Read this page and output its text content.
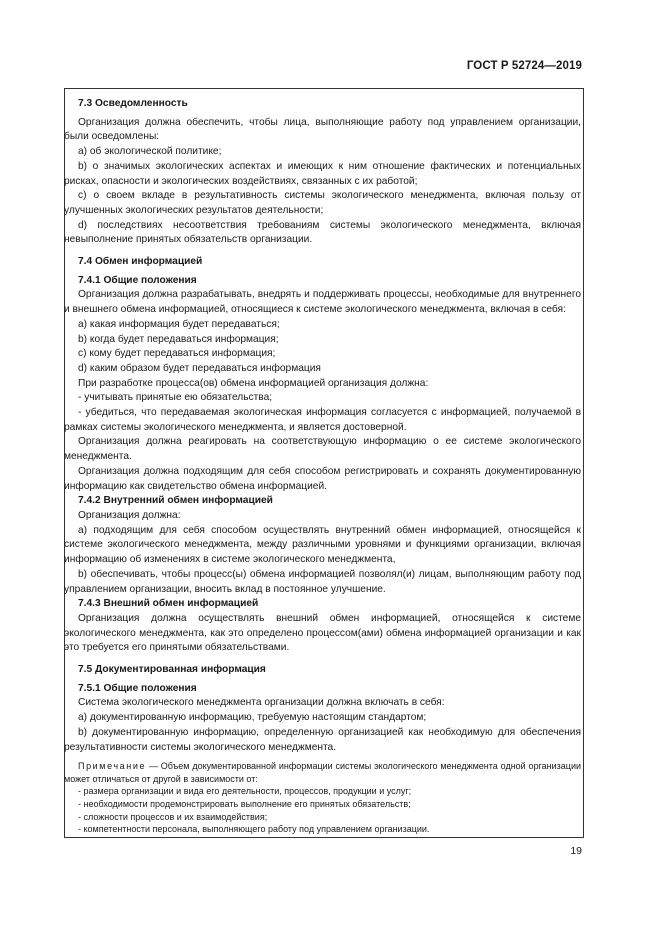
ГОСТ Р 52724—2019
7.3 Осведомленность

Организация должна обеспечить, чтобы лица, выполняющие работу под управлением организации, были осведомлены:

а) об экологической политике;

b) о значимых экологических аспектах и имеющих к ним отношение фактических и потенциальных рисках, опасности и экологических воздействиях, связанных с их работой;

с) о своем вкладе в результативность системы экологического менеджмента, включая пользу от улучшенных экологических результатов деятельности;

d) последствиях несоответствия требованиям системы экологического менеджмента, включая невыполнение принятых обязательств организации.

7.4 Обмен информацией
7.4.1 Общие положения

Организация должна разрабатывать, внедрять и поддерживать процессы, необходимые для внутреннего и внешнего обмена информацией, относящиеся к системе экологического менеджмента, включая в себя:

а) какая информация будет передаваться;

b) когда будет передаваться информация;

с) кому будет передаваться информация;

d) каким образом будет передаваться информация

При разработке процесса(ов) обмена информацией организация должна:

- учитывать принятые ею обязательства;

- убедиться, что передаваемая экологическая информация согласуется с информацией, получаемой в рамках системы экологического менеджмента, и является достоверной.

Организация должна реагировать на соответствующую информацию о ее системе экологического менеджмента.

Организация должна подходящим для себя способом регистрировать и сохранять документированную информацию как свидетельство обмена информацией.

7.4.2 Внутренний обмен информацией

Организация должна:

а) подходящим для себя способом осуществлять внутренний обмен информацией, относящейся к системе экологического менеджмента, между различными уровнями и функциями организации, включая информацию об изменениях в системе экологического менеджмента,

b) обеспечивать, чтобы процесс(ы) обмена информацией позволял(и) лицам, выполняющим работу под управлением организации, вносить вклад в постоянное улучшение.

7.4.3 Внешний обмен информацией

Организация должна осуществлять внешний обмен информацией, относящейся к системе экологического менеджмента, как это определено процессом(ами) обмена информацией организации и как это требуется его принятыми обязательствами.

7.5 Документированная информация
7.5.1 Общие положения

Система экологического менеджмента организации должна включать в себя:

а) документированную информацию, требуемую настоящим стандартом;

b) документированную информацию, определенную организацией как необходимую для обеспечения результативности системы экологического менеджмента.

Примечание — Объем документированной информации системы экологического менеджмента одной организации может отличаться от другой в зависимости от:

- размера организации и вида его деятельности, процессов, продукции и услуг;

- необходимости продемонстрировать выполнение его принятых обязательств;

- сложности процессов и их взаимодействия;

- компетентности персонала, выполняющего работу под управлением организации.

19
